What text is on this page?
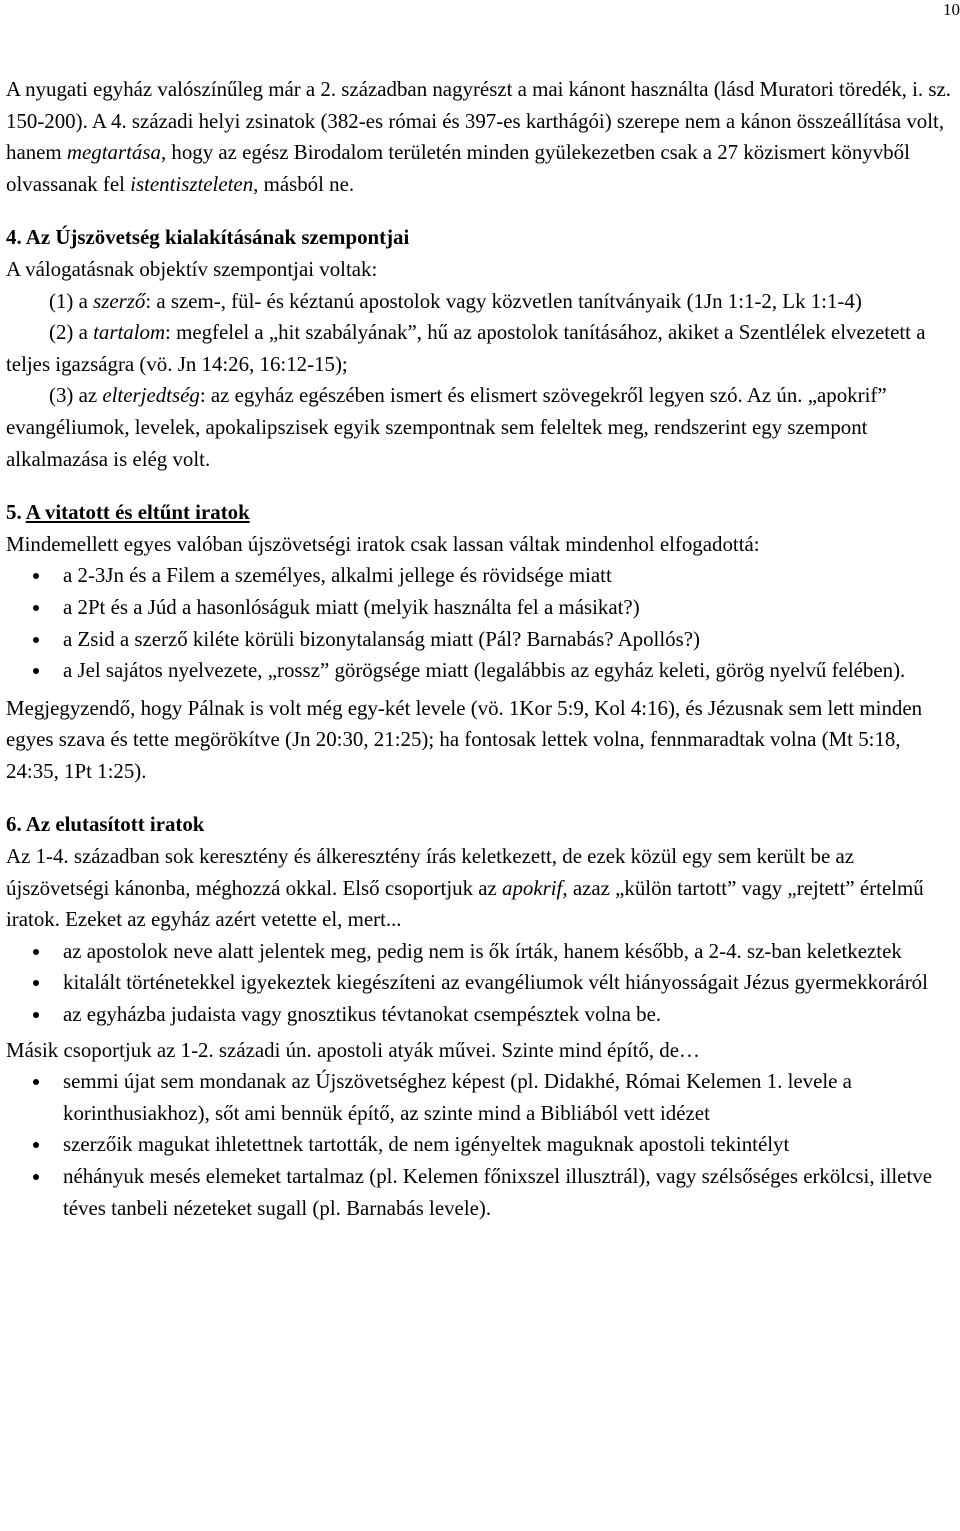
10

A nyugati egyház valószínűleg már a 2. században nagyrészt a mai kánont használta (lásd Muratori töredék, i. sz. 150-200). A 4. századi helyi zsinatok (382-es római és 397-es karthágói) szerepe nem a kánon összeállítása volt, hanem megtartása, hogy az egész Birodalom területén minden gyülekezetben csak a 27 közismert könyvből olvassanak fel istentiszteleten, másból ne.

4. Az Újszövetség kialakításának szempontjai

A válogatásnak objektív szempontjai voltak:

(1) a szerző: a szem-, fül- és kéztanú apostolok vagy közvetlen tanítványaik (1Jn 1:1-2, Lk 1:1-4)

(2) a tartalom: megfelel a „hit szabályának”, hű az apostolok tanításához, akiket a Szentlélek elvezetett a teljes igazságra (vö. Jn 14:26, 16:12-15);

(3) az elterjedtség: az egyház egészében ismert és elismert szövegekről legyen szó. Az ún. „apokrif” evangéliumok, levelek, apokalipszisek egyik szempontnak sem feleltek meg, rendszerint egy szempont alkalmazása is elég volt.

5. A vitatott és eltűnt iratok

Mindemellett egyes valóban újszövetségi iratok csak lassan váltak mindenhol elfogadottá:

a 2-3Jn és a Filem a személyes, alkalmi jellege és rövidsége miatt
a 2Pt és a Júd a hasonlóságuk miatt (melyik használta fel a másikat?)
a Zsid a szerző kiléte körüli bizonytalanság miatt (Pál? Barnabás? Apollós?)
a Jel sajátos nyelvezete, „rossz” görögsége miatt (legalábbis az egyház keleti, görög nyelvű felében).

Megjegyzendő, hogy Pálnak is volt még egy-két levele (vö. 1Kor 5:9, Kol 4:16), és Jézusnak sem lett minden egyes szava és tette megörökítve (Jn 20:30, 21:25); ha fontosak lettek volna, fennmaradtak volna (Mt 5:18, 24:35, 1Pt 1:25).

6. Az elutasított iratok

Az 1-4. században sok keresztény és álkeresztény írás keletkezett, de ezek közül egy sem került be az újszövetségi kánonba, méghozzá okkal. Első csoportjuk az apokrif, azaz „külön tartott” vagy „rejtett” értelmű iratok. Ezeket az egyház azért vetette el, mert...

az apostolok neve alatt jelentek meg, pedig nem is ők írták, hanem később, a 2-4. sz-ban keletkeztek
kitalált történetekkel igyekeztek kiegészíteni az evangéliumok vélt hiányosságait Jézus gyermekkoráról
az egyházba judaista vagy gnosztikus tévtanokat csempésztek volna be.

Másik csoportjuk az 1-2. századi ún. apostoli atyák művei. Szinte mind építő, de…

semmi újat sem mondanak az Újszövetséghez képest (pl. Didakhé, Római Kelemen 1. levele a korinthusiakhoz), sőt ami bennük építő, az szinte mind a Bibliából vett idézet
szerzőik magukat ihletettnek tartották, de nem igényeltek maguknak apostoli tekintélyt
néhányuk mesés elemeket tartalmaz (pl. Kelemen főnixszel illusztrál), vagy szélsőséges erkölcsi, illetve téves tanbeli nézeteket sugall (pl. Barnabás levele).
